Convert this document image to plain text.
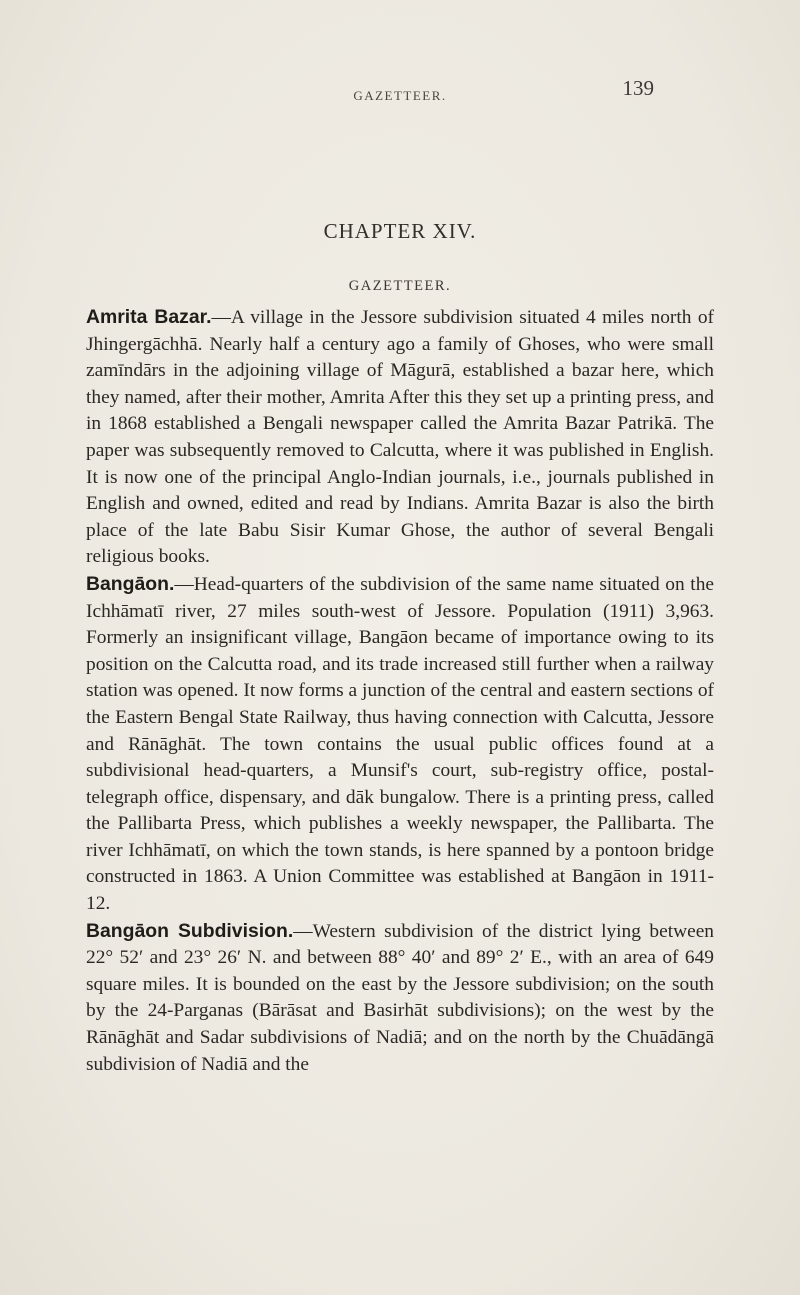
GAZETTEER.	139
CHAPTER XIV.
GAZETTEER.

Amrita Bazar.—A village in the Jessore subdivision situated 4 miles north of Jhingergāchhā. Nearly half a century ago a family of Ghoses, who were small zamīndārs in the adjoining village of Māgurā, established a bazar here, which they named, after their mother, Amrita After this they set up a printing press, and in 1868 established a Bengali newspaper called the Amrita Bazar Patrikā. The paper was subsequently removed to Calcutta, where it was published in English. It is now one of the principal Anglo-Indian journals, i.e., journals published in English and owned, edited and read by Indians. Amrita Bazar is also the birth place of the late Babu Sisir Kumar Ghose, the author of several Bengali religious books.

Bangāon.—Head-quarters of the subdivision of the same name situated on the Ichhāmatī river, 27 miles south-west of Jessore. Population (1911) 3,963. Formerly an insignificant village, Bangāon became of importance owing to its position on the Calcutta road, and its trade increased still further when a railway station was opened. It now forms a junction of the central and eastern sections of the Eastern Bengal State Railway, thus having connection with Calcutta, Jessore and Rānāghāt. The town contains the usual public offices found at a subdivisional head-quarters, a Munsif's court, sub-registry office, postal-telegraph office, dispensary, and dāk bungalow. There is a printing press, called the Pallibarta Press, which publishes a weekly newspaper, the Pallibarta. The river Ichhāmatī, on which the town stands, is here spanned by a pontoon bridge constructed in 1863. A Union Committee was established at Bangāon in 1911-12.

Bangāon Subdivision.—Western subdivision of the district lying between 22° 52′ and 23° 26′ N. and between 88° 40′ and 89° 2′ E., with an area of 649 square miles. It is bounded on the east by the Jessore subdivision; on the south by the 24-Parganas (Bārāsat and Basirhāt subdivisions); on the west by the Rānāghāt and Sadar subdivisions of Nadiā; and on the north by the Chuādāngā subdivision of Nadiā and the
